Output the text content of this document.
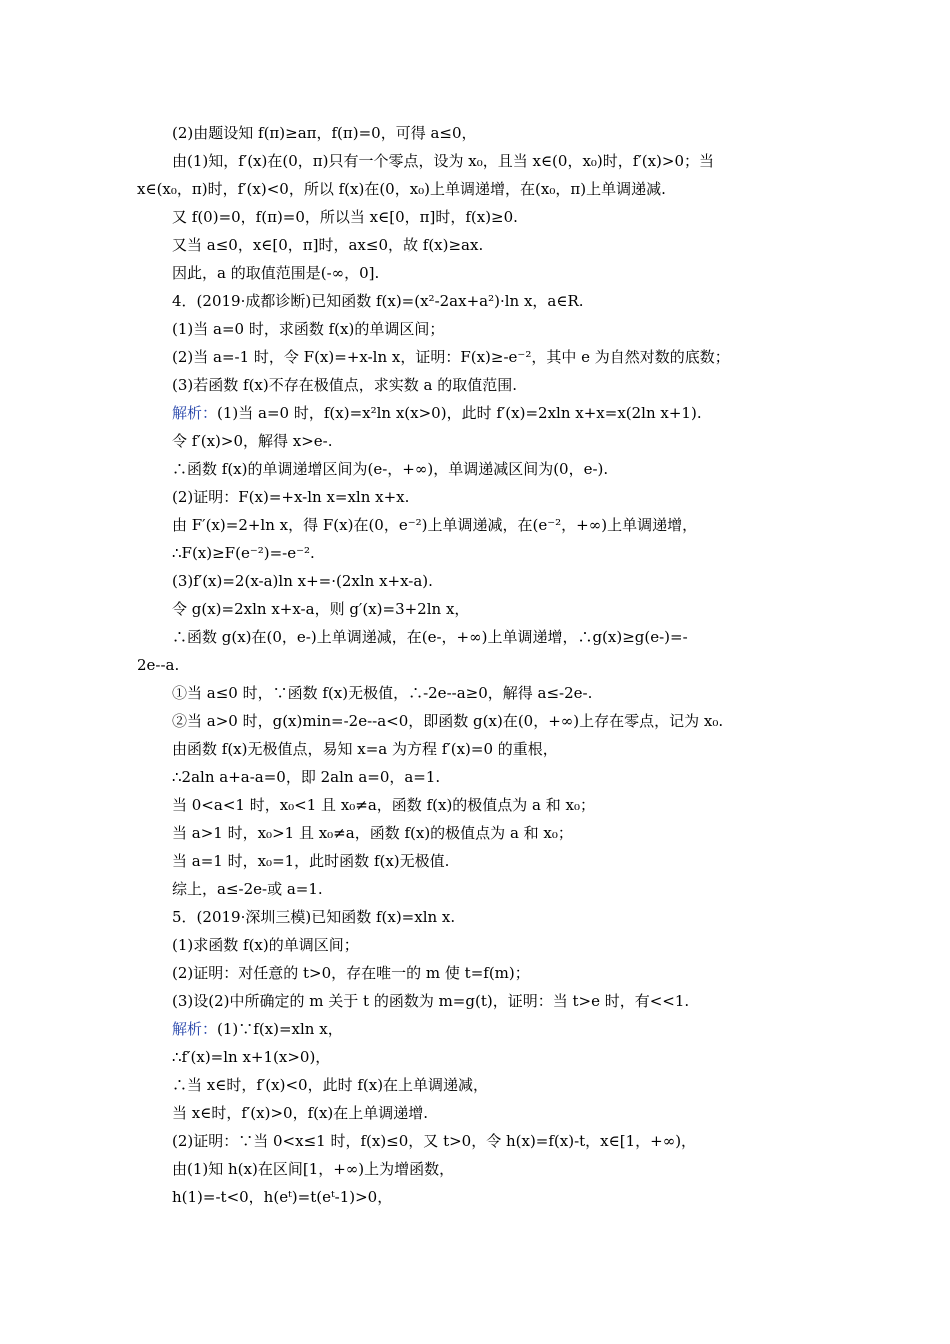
(2)由题设知 f(π)≥aπ，f(π)=0，可得 a≤0，
由(1)知，f′(x)在(0，π)只有一个零点，设为 x₀，且当 x∈(0，x₀)时，f′(x)>0；当
x∈(x₀，π)时，f′(x)<0，所以 f(x)在(0，x₀)上单调递增，在(x₀，π)上单调递减.
又 f(0)=0，f(π)=0，所以当 x∈[0，π]时，f(x)≥0.
又当 a≤0，x∈[0，π]时，ax≤0，故 f(x)≥ax.
因此，a 的取值范围是(-∞，0].
4．(2019·成都诊断)已知函数 f(x)=(x²-2ax+a²)·ln x，a∈R.
(1)当 a=0 时，求函数 f(x)的单调区间；
(2)当 a=-1 时，令 F(x)=+x-ln x，证明：F(x)≥-e⁻²，其中 e 为自然对数的底数；
(3)若函数 f(x)不存在极值点，求实数 a 的取值范围.
解析：(1)当 a=0 时，f(x)=x²ln x(x>0)，此时 f′(x)=2xln x+x=x(2ln x+1).
令 f′(x)>0，解得 x>e-.
∴函数 f(x)的单调递增区间为(e-，+∞)，单调递减区间为(0，e-).
(2)证明：F(x)=+x-ln x=xln x+x.
由 F′(x)=2+ln x，得 F(x)在(0，e⁻²)上单调递减，在(e⁻²，+∞)上单调递增，
∴F(x)≥F(e⁻²)=-e⁻².
(3)f′(x)=2(x-a)ln x+=·(2xln x+x-a).
令 g(x)=2xln x+x-a，则 g′(x)=3+2ln x，
∴函数 g(x)在(0，e-)上单调递减，在(e-，+∞)上单调递增，∴g(x)≥g(e-)=-
2e--a.
①当 a≤0 时，∵函数 f(x)无极值，∴-2e--a≥0，解得 a≤-2e-.
②当 a>0 时，g(x)min=-2e--a<0，即函数 g(x)在(0，+∞)上存在零点，记为 x₀.
由函数 f(x)无极值点，易知 x=a 为方程 f′(x)=0 的重根，
∴2aln a+a-a=0，即 2aln a=0，a=1.
当 0<a<1 时，x₀<1 且 x₀≠a，函数 f(x)的极值点为 a 和 x₀；
当 a>1 时，x₀>1 且 x₀≠a，函数 f(x)的极值点为 a 和 x₀；
当 a=1 时，x₀=1，此时函数 f(x)无极值.
综上，a≤-2e-或 a=1.
5．(2019·深圳三模)已知函数 f(x)=xln x.
(1)求函数 f(x)的单调区间；
(2)证明：对任意的 t>0，存在唯一的 m 使 t=f(m)；
(3)设(2)中所确定的 m 关于 t 的函数为 m=g(t)，证明：当 t>e 时，有<<1.
解析：(1)∵f(x)=xln x，
∴f′(x)=ln x+1(x>0)，
∴当 x∈时，f′(x)<0，此时 f(x)在上单调递减，
当 x∈时，f′(x)>0，f(x)在上单调递增.
(2)证明：∵当 0<x≤1 时，f(x)≤0，又 t>0，令 h(x)=f(x)-t，x∈[1，+∞)，
由(1)知 h(x)在区间[1，+∞)上为增函数，
h(1)=-t<0，h(eᵗ)=t(eᵗ-1)>0，
